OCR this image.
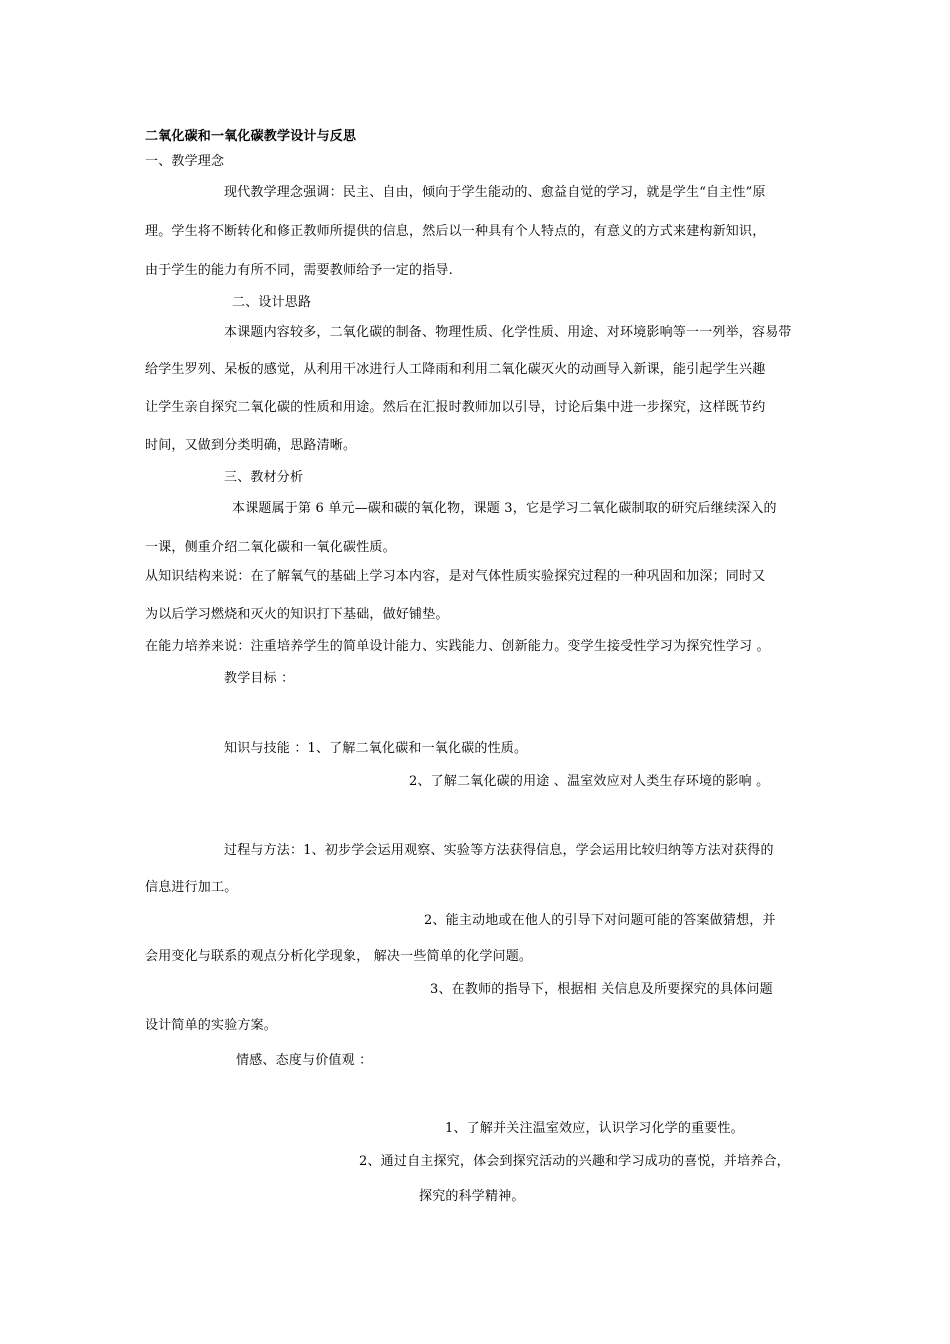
二氧化碳和一氧化碳教学设计与反思
一、教学理念
现代教学理念强调：民主、自由，倾向于学生能动的、愈益自觉的学习，就是学生“自主性”原
理。学生将不断转化和修正教师所提供的信息，然后以一种具有个人特点的，有意义的方式来建构新知识，
由于学生的能力有所不同，需要教师给予一定的指导.
二、设计思路
本课题内容较多，二氧化碳的制备、物理性质、化学性质、用途、对环境影响等一一列举，容易带
给学生罗列、呆板的感觉，从利用干冰进行人工降雨和利用二氧化碳灭火的动画导入新课，能引起学生兴趣
让学生亲自探究二氧化碳的性质和用途。然后在汇报时教师加以引导，讨论后集中进一步探究，这样既节约
时间，又做到分类明确，思路清晰。
三、教材分析
本课题属于第 6 单元—碳和碳的氧化物，课题 3，它是学习二氧化碳制取的研究后继续深入的
一课，侧重介绍二氧化碳和一氧化碳性质。
从知识结构来说：在了解氧气的基础上学习本内容，是对气体性质实验探究过程的一种巩固和加深；同时又
为以后学习燃烧和灭火的知识打下基础，做好铺垫。
在能力培养来说：注重培养学生的简单设计能力、实践能力、创新能力。变学生接受性学习为探究性学习 。
教学目标 ：
知识与技能 ：1、了解二氧化碳和一氧化碳的性质。
2、了解二氧化碳的用途 、温室效应对人类生存环境的影响 。
过程与方法：1、初步学会运用观察、实验等方法获得信息，学会运用比较归纳等方法对获得的
信息进行加工。
2、能主动地或在他人的引导下对问题可能的答案做猜想，并
会用变化与联系的观点分析化学现象， 解决一些简单的化学问题。
3、在教师的指导下，根据相 关信息及所要探究的具体问题
设计简单的实验方案。
情感、态度与价值观 ：
1、了解并关注温室效应，认识学习化学的重要性。
2、通过自主探究，体会到探究活动的兴趣和学习成功的喜悦，并培养合，
探究的科学精神。
